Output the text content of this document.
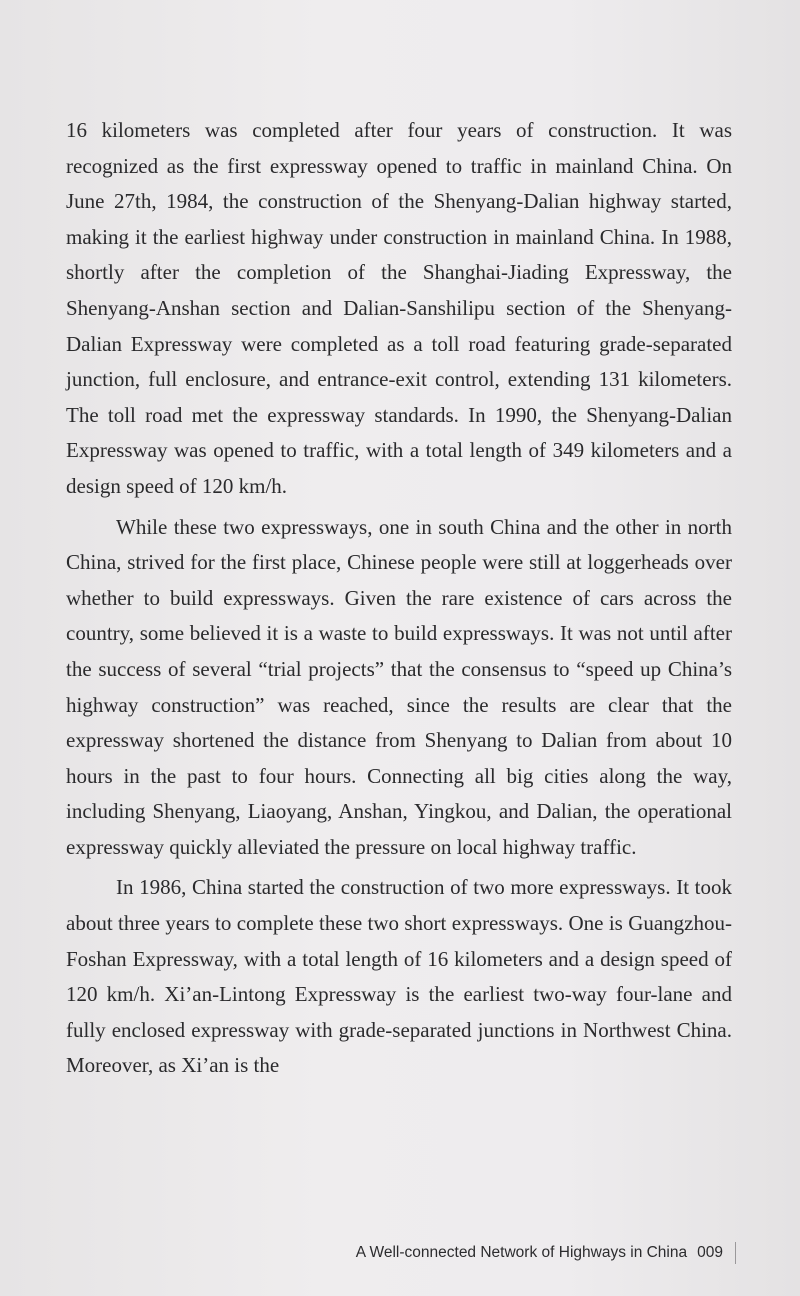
16 kilometers was completed after four years of construction. It was recognized as the first expressway opened to traffic in mainland China. On June 27th, 1984, the construction of the Shenyang-Dalian highway started, making it the earliest highway under construction in mainland China. In 1988, shortly after the completion of the Shanghai-Jiading Expressway, the Shenyang-Anshan section and Dalian-Sanshilipu section of the Shenyang-Dalian Expressway were completed as a toll road featuring grade-separated junction, full enclosure, and entrance-exit control, extending 131 kilometers. The toll road met the expressway standards. In 1990, the Shenyang-Dalian Expressway was opened to traffic, with a total length of 349 kilometers and a design speed of 120 km/h.

While these two expressways, one in south China and the other in north China, strived for the first place, Chinese people were still at loggerheads over whether to build expressways. Given the rare existence of cars across the country, some believed it is a waste to build expressways. It was not until after the success of several “trial projects” that the consensus to “speed up China’s highway construction” was reached, since the results are clear that the expressway shortened the distance from Shenyang to Dalian from about 10 hours in the past to four hours. Connecting all big cities along the way, including Shenyang, Liaoyang, Anshan, Yingkou, and Dalian, the operational expressway quickly alleviated the pressure on local highway traffic.

In 1986, China started the construction of two more expressways. It took about three years to complete these two short expressways. One is Guangzhou-Foshan Expressway, with a total length of 16 kilometers and a design speed of 120 km/h. Xi’an-Lintong Expressway is the earliest two-way four-lane and fully enclosed expressway with grade-separated junctions in Northwest China. Moreover, as Xi’an is the

A Well-connected Network of Highways in China 009
